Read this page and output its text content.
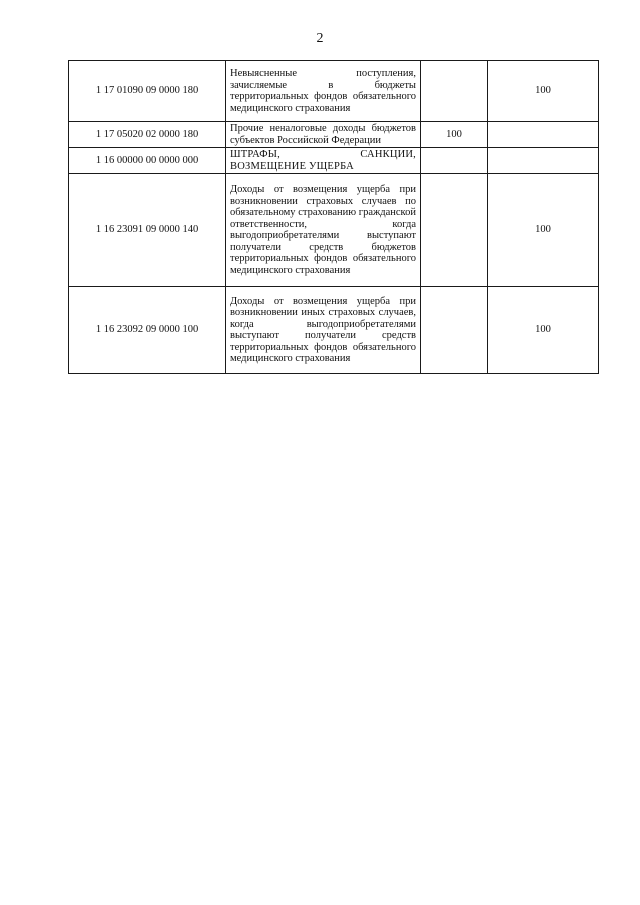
2
1 17 01090 09 0000 180	Невыясненные поступления, зачисляемые в бюджеты территориальных фондов обязательного медицинского страхования		100
1 17 05020 02 0000 180	Прочие неналоговые доходы бюджетов субъектов Российской Федерации	100	
1 16 00000 00 0000 000	ШТРАФЫ, САНКЦИИ, ВОЗМЕЩЕНИЕ УЩЕРБА		
1 16 23091 09 0000 140	Доходы от возмещения ущерба при возникновении страховых случаев по обязательному страхованию гражданской ответственности, когда выгодоприобретателями выступают получатели средств бюджетов территориальных фондов обязательного медицинского страхования		100
1 16 23092 09 0000 100	Доходы от возмещения ущерба при возникновении иных страховых случаев, когда выгодоприобретателями выступают получатели средств территориальных фондов обязательного медицинского страхования		100
